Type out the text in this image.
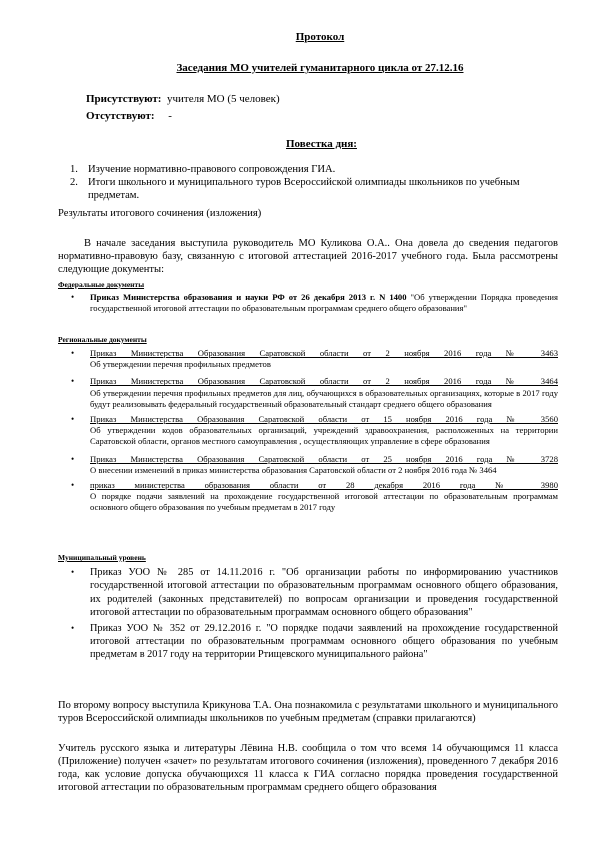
Протокол

Заседания МО учителей гуманитарного цикла от 27.12.16

Присутствуют: учителя МО (5 человек)

Отсутствуют: -

Повестка дня:

1. Изучение нормативно-правового сопровождения ГИА.
2. Итоги школьного и муниципального туров Всероссийской олимпиады школьников по учебным предметам.

Результаты итогового сочинения (изложения)

В начале заседания выступила руководитель МО Куликова О.А.. Она довела до сведения педагогов нормативно-правовую базу, связанную с итоговой аттестацией 2016-2017 учебного года. Была рассмотрены следующие документы:

Федеральные документы

• Приказ Министерства образования и науки РФ от 26 декабря 2013 г. N 1400 "Об утверждении Порядка проведения государственной итоговой аттестации по образовательным программам среднего общего образования"

Региональные документы

• Приказ Министерства Образования Саратовской области от 2 ноября 2016 года № 3463
Об утверждении перечня профильных предметов
• Приказ Министерства Образования Саратовской области от 2 ноября 2016 года № 3464
Об утверждении перечня профильных предметов для лиц, обучающихся в образовательных организациях, которые в 2017 году будут реализовывать федеральный государственный образовательный стандарт среднего общего образования
• Приказ Министерства Образования Саратовской области от 15 ноября 2016 года № 3560
Об утверждении кодов образовательных организаций, учреждений здравоохранения, расположенных на территории Саратовской области, органов местного самоуправления , осуществляющих управление в сфере образования
• Приказ Министерства Образования Саратовской области от 25 ноября 2016 года № 3728
О внесении изменений в приказ министерства образования Саратовской области от 2 ноября 2016 года № 3464
• приказ министерства образования области от 28 декабря 2016 года № 3980
О порядке подачи заявлений на прохождение государственной итоговой аттестации по образовательным программам основного общего образования по учебным предметам в 2017 году

Муниципальный уровень

• Приказ УОО № 285 от 14.11.2016 г. "Об организации работы по информированию участников государственной итоговой аттестации по образовательным программам основного общего образования, их родителей (законных представителей) по вопросам организации и проведения государственной итоговой аттестации по образовательным программам основного общего образования"
• Приказ УОО № 352 от 29.12.2016 г. "О порядке подачи заявлений на прохождение государственной итоговой аттестации по образовательным программам основного общего образования по учебным предметам в 2017 году на территории Ртищевского муниципального района"

По второму вопросу выступила Крикунова Т.А. Она познакомила с результатами школьного и муниципального туров Всероссийской олимпиады школьников по учебным предметам (справки прилагаются)

Учитель русского языка и литературы Лёвина Н.В. сообщила о том что всемя 14 обучающимся 11 класса (Приложение) получен «зачет» по результатам итогового сочинения (изложения), проведенного 7 декабря 2016 года, как условие допуска обучающихся 11 класса к ГИА согласно порядка проведения государственной итоговой аттестации по образовательным программам среднего общего образования
